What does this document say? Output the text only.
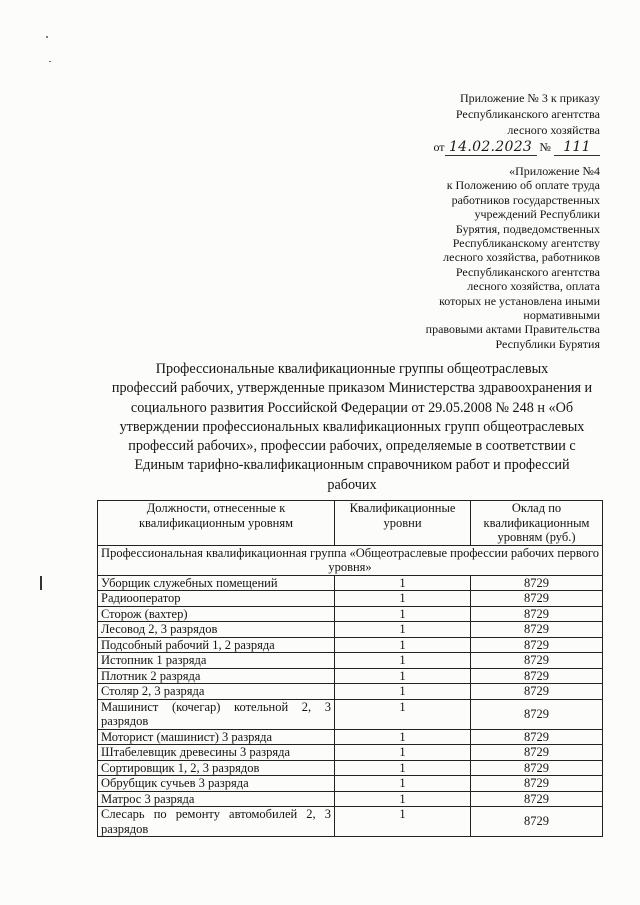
Приложение № 3 к приказу
Республиканского агентства
лесного хозяйства
от 14.02.2023 № 111
«Приложение №4
к Положению об оплате труда
работников государственных
учреждений Республики
Бурятия, подведомственных
Республиканскому агентству
лесного хозяйства, работников
Республиканского агентства
лесного хозяйства, оплата
которых не установлена иными
нормативными
правовыми актами Правительства
Республики Бурятия
Профессиональные квалификационные группы общеотраслевых
профессий рабочих, утвержденные приказом Министерства здравоохранения и
социального развития Российской Федерации от 29.05.2008 № 248 н «Об
утверждении профессиональных квалификационных групп общеотраслевых
профессий рабочих», профессии рабочих, определяемые в соответствии с
Единым тарифно-квалификационным справочником работ и профессий
рабочих
Должности, отнесенные к квалификационным уровням	Квалификационные уровни	Оклад по квалификационным уровням (руб.)
Профессиональная квалификационная группа «Общеотраслевые профессии рабочих первого уровня»		
Уборщик служебных помещений	1	8729
Радиооператор	1	8729
Сторож (вахтер)	1	8729
Лесовод 2, 3 разрядов	1	8729
Подсобный рабочий 1, 2 разряда	1	8729
Истопник 1 разряда	1	8729
Плотник 2 разряда	1	8729
Столяр 2, 3 разряда	1	8729
Машинист (кочегар) котельной 2, 3 разрядов	1	8729
Моторист (машинист) 3 разряда	1	8729
Штабелевщик древесины 3 разряда	1	8729
Сортировщик 1, 2, 3 разрядов	1	8729
Обрубщик сучьев 3 разряда	1	8729
Матрос 3 разряда	1	8729
Слесарь по ремонту автомобилей 2, 3 разрядов	1	8729
